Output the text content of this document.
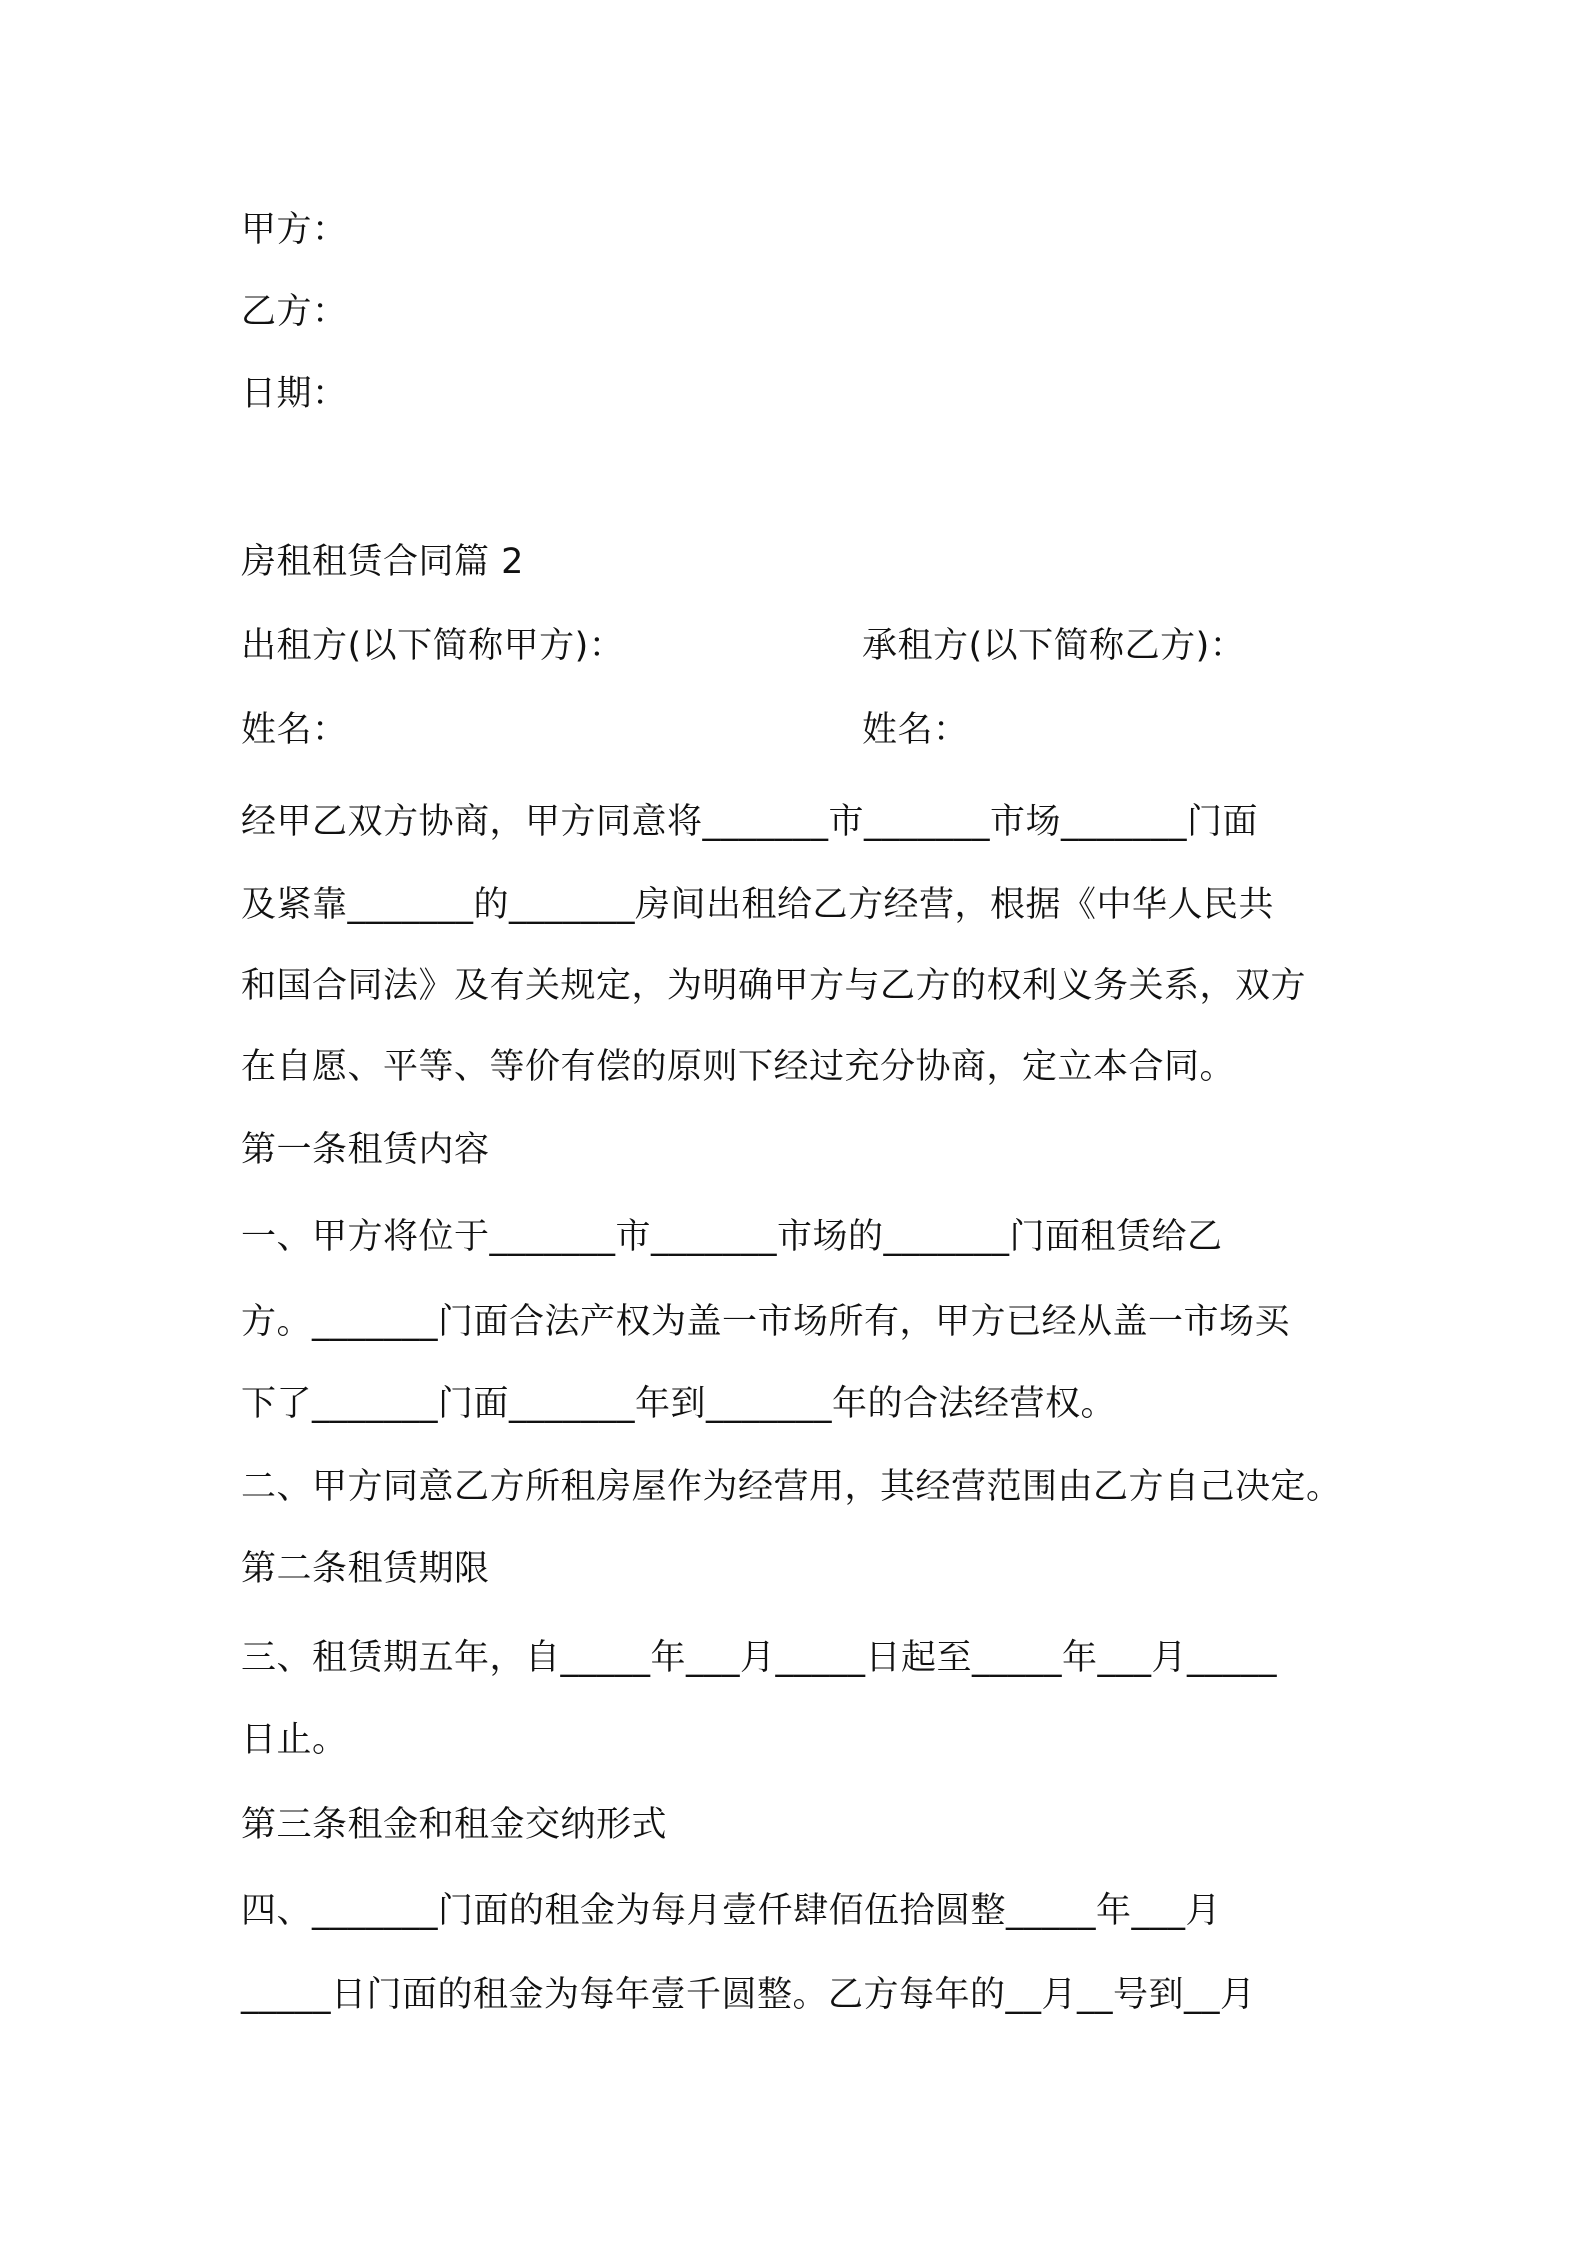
甲方：
乙方：
日期：
房租租赁合同篇 2
出租方(以下简称甲方)：	承租方(以下简称乙方)：
姓名：	姓名：
经甲乙双方协商，甲方同意将_______市_______市场_______门面
及紧靠_______的_______房间出租给乙方经营，根据《中华人民共
和国合同法》及有关规定，为明确甲方与乙方的权利义务关系，双方
在自愿、平等、等价有偿的原则下经过充分协商，定立本合同。
第一条租赁内容
一、甲方将位于_______市_______市场的_______门面租赁给乙
方。_______门面合法产权为盖一市场所有，甲方已经从盖一市场买
下了_______门面_______年到_______年的合法经营权。
二、甲方同意乙方所租房屋作为经营用，其经营范围由乙方自己决定。
第二条租赁期限
三、租赁期五年，自_____年___月_____日起至_____年___月_____
日止。
第三条租金和租金交纳形式
四、_______门面的租金为每月壹仟肆佰伍拾圆整_____年___月
_____日门面的租金为每年壹千圆整。乙方每年的__月__号到__月
